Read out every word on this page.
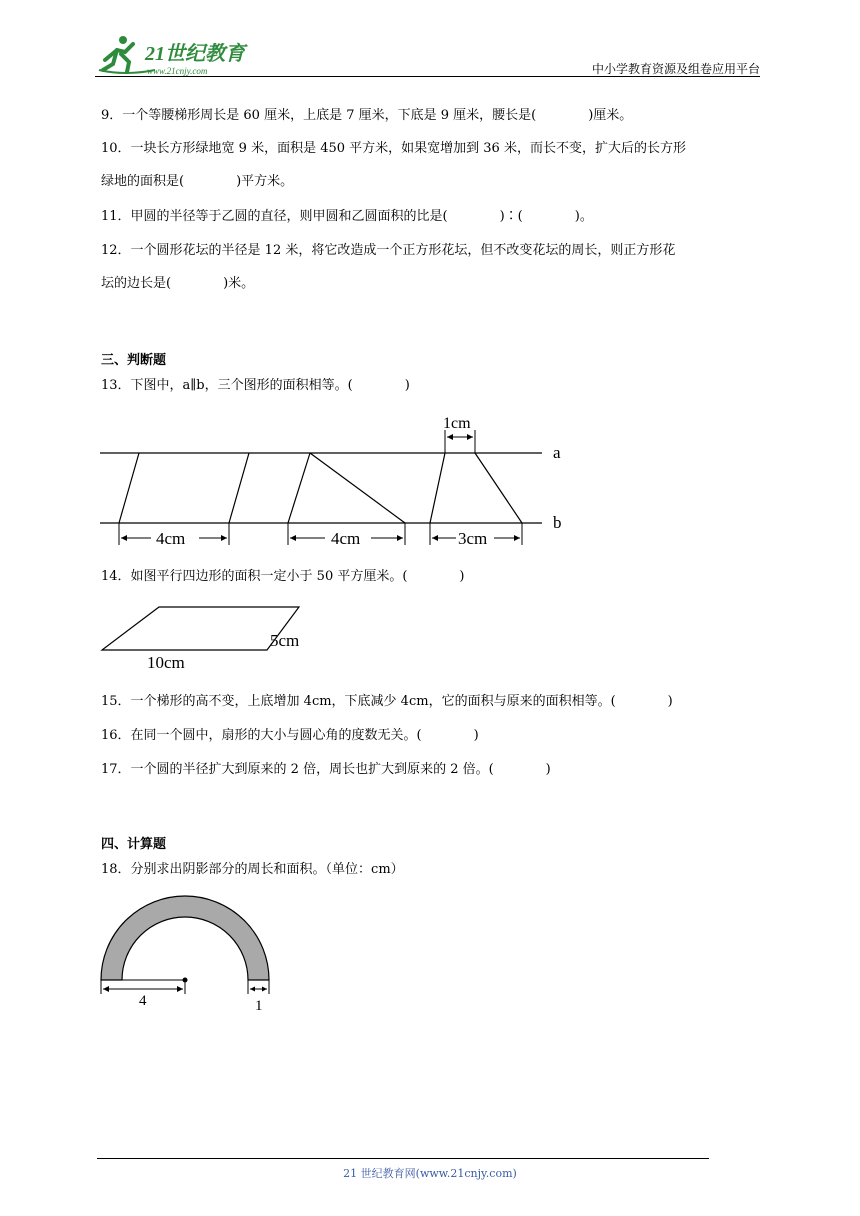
21世纪教育
www.21cnjy.com	中小学教育资源及组卷应用平台
9．一个等腰梯形周长是 60 厘米，上底是 7 厘米，下底是 9 厘米，腰长是(　　　　)厘米。
10．一块长方形绿地宽 9 米，面积是 450 平方米，如果宽增加到 36 米，而长不变，扩大后的长方形
绿地的面积是(　　　　)平方米。
11．甲圆的半径等于乙圆的直径，则甲圆和乙圆面积的比是(　　　　)∶(　　　　)。
12．一个圆形花坛的半径是 12 米，将它改造成一个正方形花坛，但不改变花坛的周长，则正方形花
坛的边长是(　　　　)米。
三、判断题
13．下图中，a∥b，三个图形的面积相等。(　　　　)
a
b
1cm
4cm	4cm	3cm
14．如图平行四边形的面积一定小于 50 平方厘米。(　　　　)
10cm
5cm
15．一个梯形的高不变，上底增加 4cm，下底减少 4cm，它的面积与原来的面积相等。(　　　　)
16．在同一个圆中，扇形的大小与圆心角的度数无关。(　　　　)
17．一个圆的半径扩大到原来的 2 倍，周长也扩大到原来的 2 倍。(　　　　)
四、计算题
18．分别求出阴影部分的周长和面积。（单位：cm）
4	1
21 世纪教育网(www.21cnjy.com)
